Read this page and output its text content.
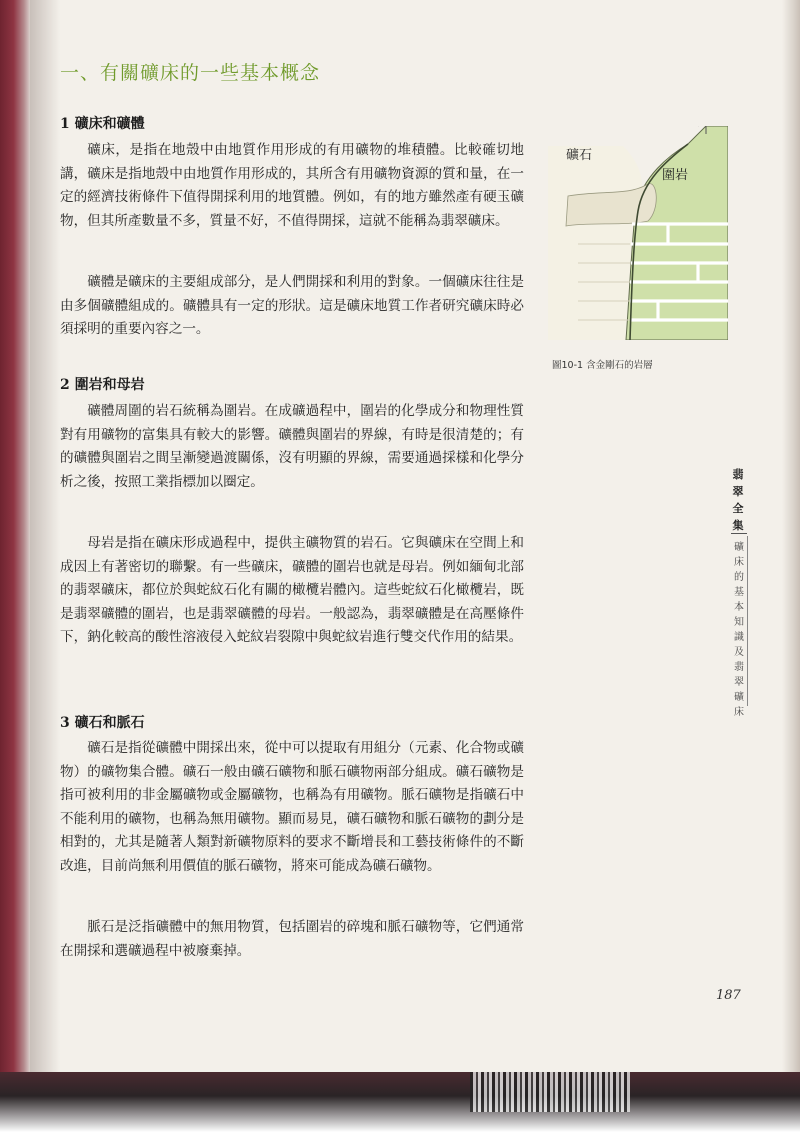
一、有關礦床的一些基本概念
1 礦床和礦體

礦床，是指在地殼中由地質作用形成的有用礦物的堆積體。比較確切地講，礦床是指地殼中由地質作用形成的，其所含有用礦物資源的質和量，在一定的經濟技術條件下值得開採利用的地質體。例如，有的地方雖然產有硬玉礦物，但其所產數量不多，質量不好，不值得開採，這就不能稱為翡翠礦床。

礦體是礦床的主要組成部分，是人們開採和利用的對象。一個礦床往往是由多個礦體組成的。礦體具有一定的形狀。這是礦床地質工作者研究礦床時必須採明的重要內容之一。

2 圍岩和母岩

礦體周圍的岩石統稱為圍岩。在成礦過程中，圍岩的化學成分和物理性質對有用礦物的富集具有較大的影響。礦體與圍岩的界線，有時是很清楚的；有的礦體與圍岩之間呈漸變過渡關係，沒有明顯的界線，需要通過採樣和化學分析之後，按照工業指標加以圈定。

母岩是指在礦床形成過程中，提供主礦物質的岩石。它與礦床在空間上和成因上有著密切的聯繫。有一些礦床，礦體的圍岩也就是母岩。例如緬甸北部的翡翠礦床，都位於與蛇紋石化有關的橄欖岩體內。這些蛇紋石化橄欖岩，既是翡翠礦體的圍岩，也是翡翠礦體的母岩。一般認為，翡翠礦體是在高壓條件下，鈉化較高的酸性溶液侵入蛇紋岩裂隙中與蛇紋岩進行雙交代作用的結果。

3 礦石和脈石

礦石是指從礦體中開採出來，從中可以提取有用組分（元素、化合物或礦物）的礦物集合體。礦石一般由礦石礦物和脈石礦物兩部分組成。礦石礦物是指可被利用的非金屬礦物或金屬礦物，也稱為有用礦物。脈石礦物是指礦石中不能利用的礦物，也稱為無用礦物。顯而易見，礦石礦物和脈石礦物的劃分是相對的，尤其是隨著人類對新礦物原料的要求不斷增長和工藝技術條件的不斷改進，目前尚無利用價值的脈石礦物，將來可能成為礦石礦物。

脈石是泛指礦體中的無用物質，包括圍岩的碎塊和脈石礦物等，它們通常在開採和選礦過程中被廢棄掉。

礦石
圍岩
圖10-1 含金剛石的岩層
翡
翠
全
集
礦
床
的
基
本
知
識
及
翡
翠
礦
床
187
